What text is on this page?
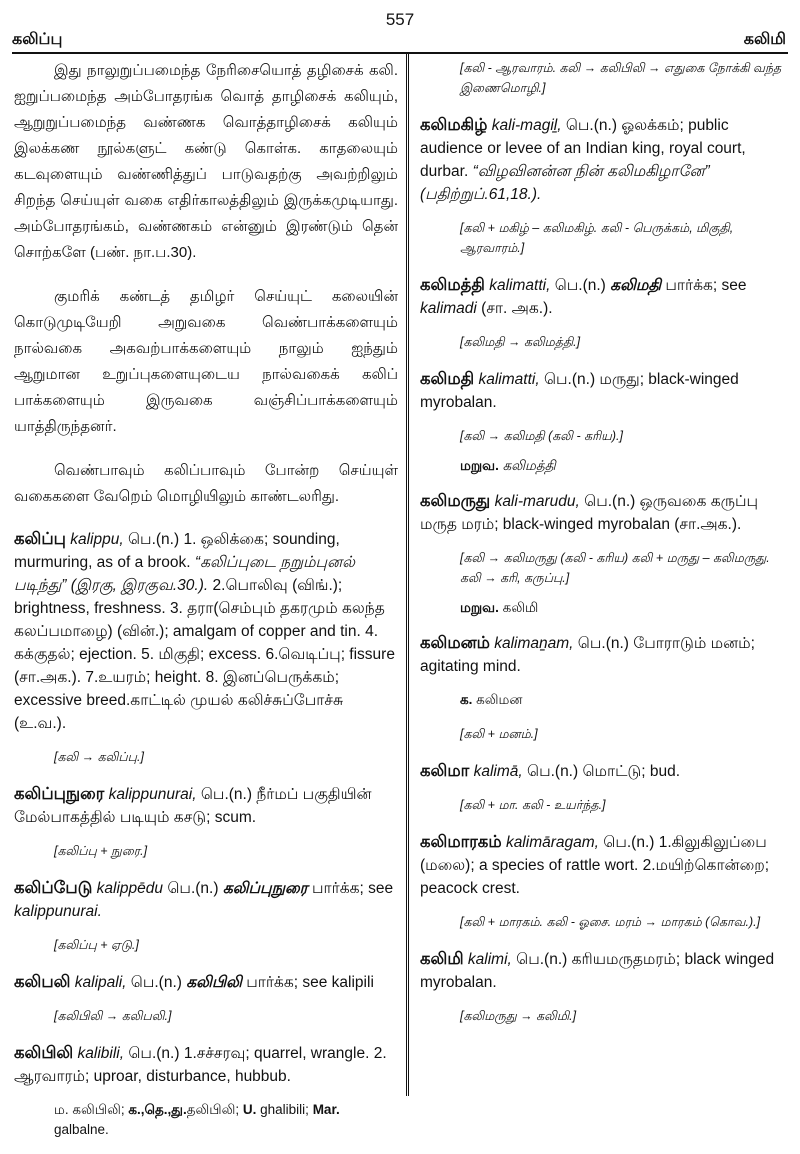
557
கலிப்பு	கலிமி

இது நாலுறுப்பமைந்த நேரிசையொத் தழிசைக் கலி. ஐறுப்பமைந்த அம்போதரங்க வொத் தாழிசைக் கலியும், ஆறுறுப்பமைந்த வண்ணக வொத்தாழிசைக் கலியும் இலக்கண நூல்களுட் கண்டு கொள்க. காதலையும் கடவுளையும் வண்ணித்துப் பாடுவதற்கு அவற்றிலும் சிறந்த செய்யுள் வகை எதிர்காலத்திலும் இருக்கமுடியாது. அம்போதரங்கம், வண்ணகம் என்னும் இரண்டும் தென் சொற்களே (பண். நா.ப.30).

குமரிக் கண்டத் தமிழர் செய்யுட் கலையின் கொடுமுடியேறி அறுவகை வெண்பாக்களையும் நால்வகை அகவற்பாக்களையும் நாலும் ஐந்தும் ஆறுமான உறுப்புகளையுடைய நால்வகைக் கலிப் பாக்களையும் இருவகை வஞ்சிப்பாக்களையும் யாத்திருந்தனர்.

வெண்பாவும் கலிப்பாவும் போன்ற செய்யுள் வகைகளை வேறெம் மொழியிலும் காண்டலரிது.

கலிப்பு kalippu, பெ.(n.) 1. ஒலிக்கை; sounding, murmuring, as of a brook. “கலிப்புடை நறும்புனல் படிந்து” (இரகு, இரகுவ.30.). 2.பொலிவு (விங்.); brightness, freshness. 3. தரா(செம்பும் தகரமும் கலந்த கலப்பமாழை) (வின்.); amalgam of copper and tin. 4. கக்குதல்; ejection. 5. மிகுதி; excess. 6.வெடிப்பு; fissure (சா.அக.). 7.உயரம்; height. 8. இனப்பெருக்கம்; excessive breed.காட்டில் முயல் கலிச்சுப்போச்சு (உ.வ.).
[கலி → கலிப்பு.]
கலிப்புநுரை kalippunurai, பெ.(n.) நீர்மப் பகுதியின் மேல்பாகத்தில் படியும் கசடு; scum.
[கலிப்பு + நுரை.]
கலிப்பேடு kalippēdu பெ.(n.) கலிப்புநுரை பார்க்க; see kalippunurai.
[கலிப்பு + ஏடு.]
கலிபலி kalipali, பெ.(n.) கலிபிலி பார்க்க; see kalipili
[கலிபிலி → கலிபலி.]
கலிபிலி kalibili, பெ.(n.) 1.சச்சரவு; quarrel, wrangle. 2. ஆரவாரம்; uproar, disturbance, hubbub.
ம. கலிபிலி; க.,தெ.,து.தலிபிலி; U. ghalibili; Mar. galbalne.
[கலி ‑ ஆரவாரம். கலி → கலிபிலி → எதுகை நோக்கி வந்த இணைமொழி.]
கலிமகிழ் kali-magiḻ, பெ.(n.) ஓலக்கம்; public audience or levee of an Indian king, royal court, durbar. “விழவினன்ன நின் கலிமகிழானே” (பதிற்றுப்.61,18.).
[கலி + மகிழ் – கலிமகிழ். கலி ‑ பெருக்கம், மிகுதி, ஆரவாரம்.]
கலிமத்தி kalimatti, பெ.(n.) கலிமதி பார்க்க; see kalimadi (சா. அக.).
[கலிமதி → கலிமத்தி.]
கலிமதி kalimatti, பெ.(n.) மருது; black-winged myrobalan.
[கலி → கலிமதி (கலி ‑ கரிய).]
மறுவ. கலிமத்தி
கலிமருது kali-marudu, பெ.(n.) ஒருவகை கருப்பு மருத மரம்; black-winged myrobalan (சா.அக.).
[கலி → கலிமருது (கலி ‑ கரிய) கலி + மருது – கலிமருது. கலி → கரி, கருப்பு.]
மறுவ. கலிமி
கலிமனம் kalimaṉam, பெ.(n.) போராடும் மனம்; agitating mind.
க. கலிமன
[கலி + மனம்.]
கலிமா kalimā, பெ.(n.) மொட்டு; bud.
[கலி + மா. கலி ‑ உயர்ந்த.]
கலிமாரகம் kalimāragam, பெ.(n.) 1.கிலுகிலுப்பை (மலை); a species of rattle wort. 2.மயிற்கொன்றை; peacock crest.
[கலி + மாரகம். கலி ‑ ஓசை. மரம் → மாரகம் (கொவ.).]
கலிமி kalimi, பெ.(n.) கரியமருதமரம்; black winged myrobalan.
[கலிமருது → கலிமி.]
